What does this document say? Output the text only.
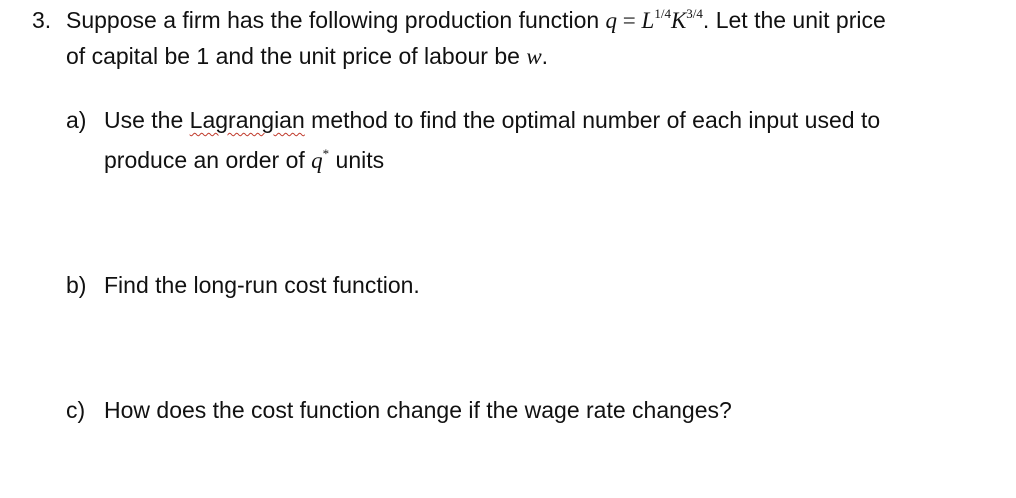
3. Suppose a firm has the following production function $q = L^{1/4}K^{3/4}$. Let the unit price
of capital be 1 and the unit price of labour be w.
a) Use the Lagrangian method to find the optimal number of each input used to
produce an order of q* units
b) Find the long-run cost function.
c) How does the cost function change if the wage rate changes?
